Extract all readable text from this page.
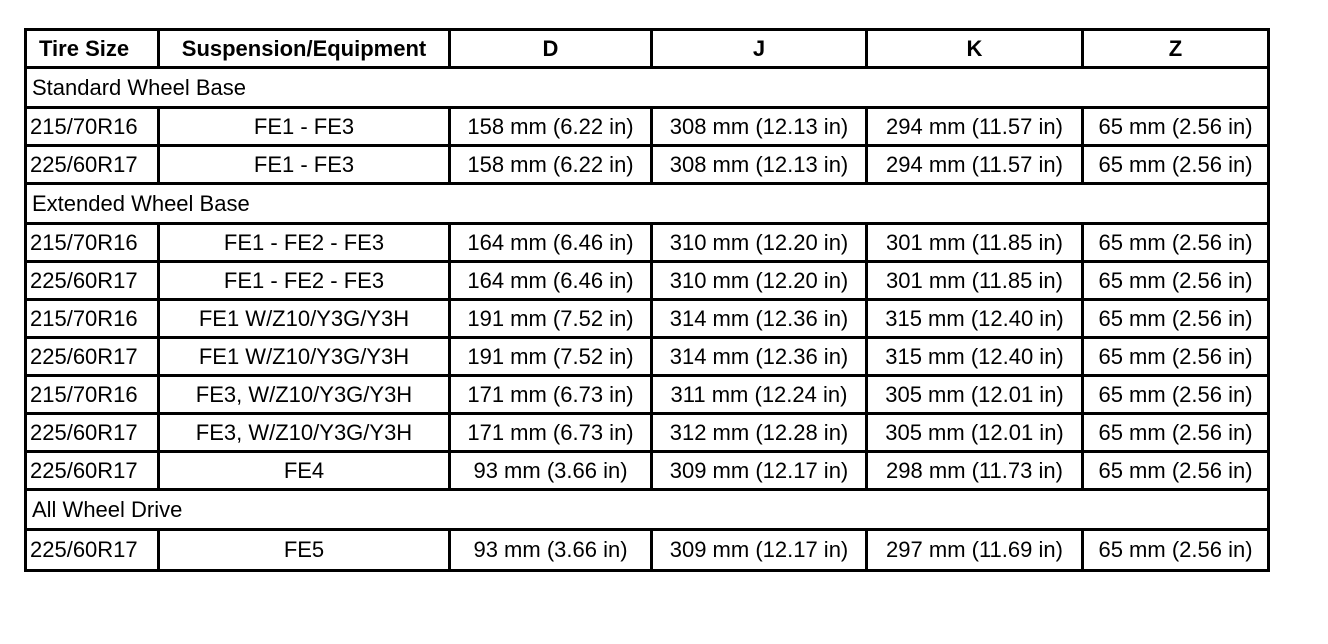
Tire Size	Suspension/Equipment	D	J	K	Z
Standard Wheel Base					
215/70R16	FE1 - FE3	158 mm (6.22 in)	308 mm (12.13 in)	294 mm (11.57 in)	65 mm (2.56 in)
225/60R17	FE1 - FE3	158 mm (6.22 in)	308 mm (12.13 in)	294 mm (11.57 in)	65 mm (2.56 in)
Extended Wheel Base					
215/70R16	FE1 - FE2 - FE3	164 mm (6.46 in)	310 mm (12.20 in)	301 mm (11.85 in)	65 mm (2.56 in)
225/60R17	FE1 - FE2 - FE3	164 mm (6.46 in)	310 mm (12.20 in)	301 mm (11.85 in)	65 mm (2.56 in)
215/70R16	FE1 W/Z10/Y3G/Y3H	191 mm (7.52 in)	314 mm (12.36 in)	315 mm (12.40 in)	65 mm (2.56 in)
225/60R17	FE1 W/Z10/Y3G/Y3H	191 mm (7.52 in)	314 mm (12.36 in)	315 mm (12.40 in)	65 mm (2.56 in)
215/70R16	FE3, W/Z10/Y3G/Y3H	171 mm (6.73 in)	311 mm (12.24 in)	305 mm (12.01 in)	65 mm (2.56 in)
225/60R17	FE3, W/Z10/Y3G/Y3H	171 mm (6.73 in)	312 mm (12.28 in)	305 mm (12.01 in)	65 mm (2.56 in)
225/60R17	FE4	93 mm (3.66 in)	309 mm (12.17 in)	298 mm (11.73 in)	65 mm (2.56 in)
All Wheel Drive					
225/60R17	FE5	93 mm (3.66 in)	309 mm (12.17 in)	297 mm (11.69 in)	65 mm (2.56 in)
